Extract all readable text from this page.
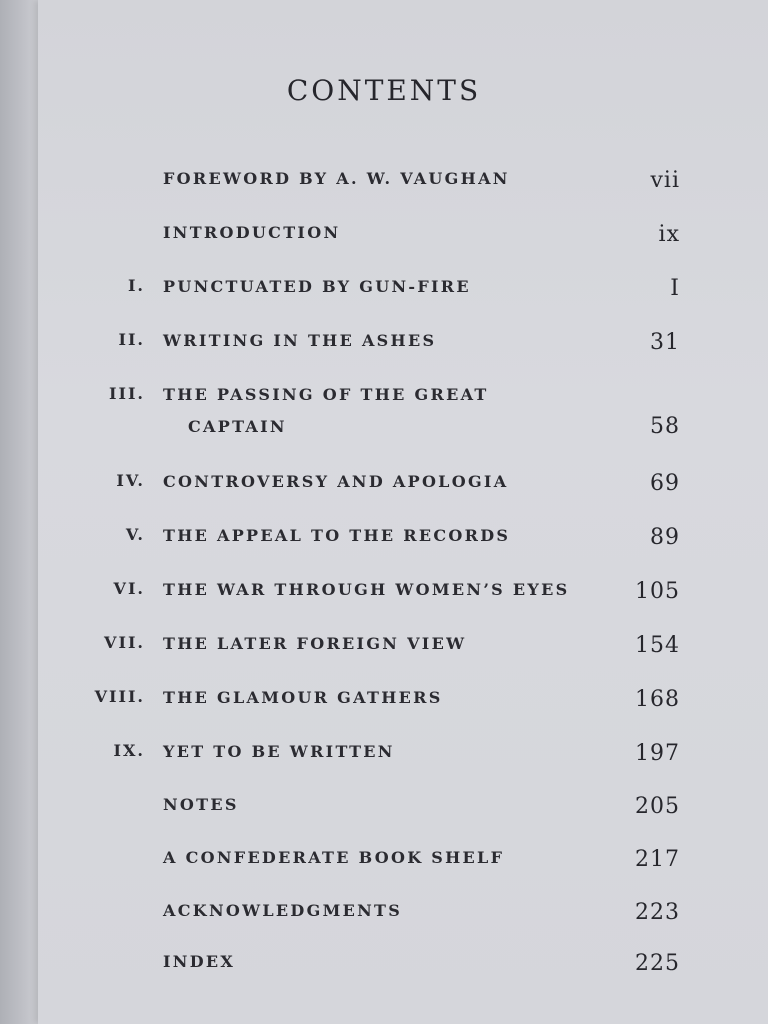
CONTENTS
FOREWORD BY A. W. VAUGHAN	vii
INTRODUCTION	ix
I. PUNCTUATED BY GUN-FIRE	I
II. WRITING IN THE ASHES	31
III. THE PASSING OF THE GREAT
CAPTAIN	58
IV. CONTROVERSY AND APOLOGIA	69
V. THE APPEAL TO THE RECORDS	89
VI. THE WAR THROUGH WOMEN’S EYES	105
VII. THE LATER FOREIGN VIEW	154
VIII. THE GLAMOUR GATHERS	168
IX. YET TO BE WRITTEN	197
NOTES	205
A CONFEDERATE BOOK SHELF	217
ACKNOWLEDGMENTS	223
INDEX	225
